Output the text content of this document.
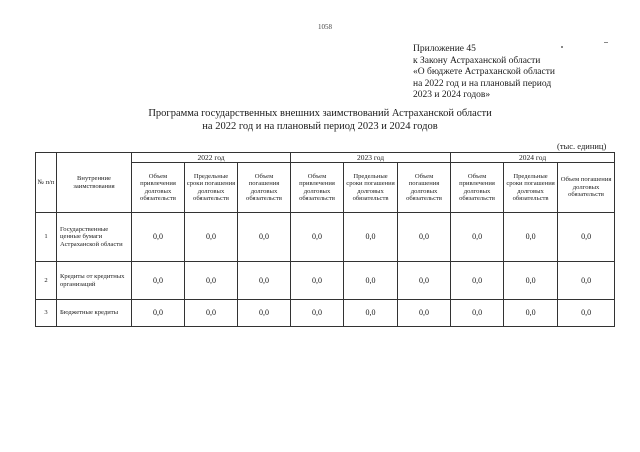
1058
Приложение 45
к Закону Астраханской области
«О бюджете Астраханской области
на 2022 год и на плановый период
2023 и 2024 годов»
Программа государственных внешних заимствований Астраханской области
на 2022 год и на плановый период 2023 и 2024 годов
(тыс. единиц)
№ п/п	Внутренние заимствования	2022 год			2023 год			2024 год		
		Объем привлечения долговых обязательств	Предельные сроки погашения долговых обязательств	Объем погашения долговых обязательств	Объем привлечения долговых обязательств	Предельные сроки погашения долговых обязательств	Объем погашения долговых обязательств	Объем привлечения долговых обязательств	Предельные сроки погашения долговых обязательств	Объем погашения долговых обязательств
1	Государственные ценные бумаги Астраханской области	0,0	0,0	0,0	0,0	0,0	0,0	0,0	0,0	0,0
2	Кредиты от кредитных организаций	0,0	0,0	0,0	0,0	0,0	0,0	0,0	0,0	0,0
3	Бюджетные кредиты	0,0	0,0	0,0	0,0	0,0	0,0	0,0	0,0	0,0
